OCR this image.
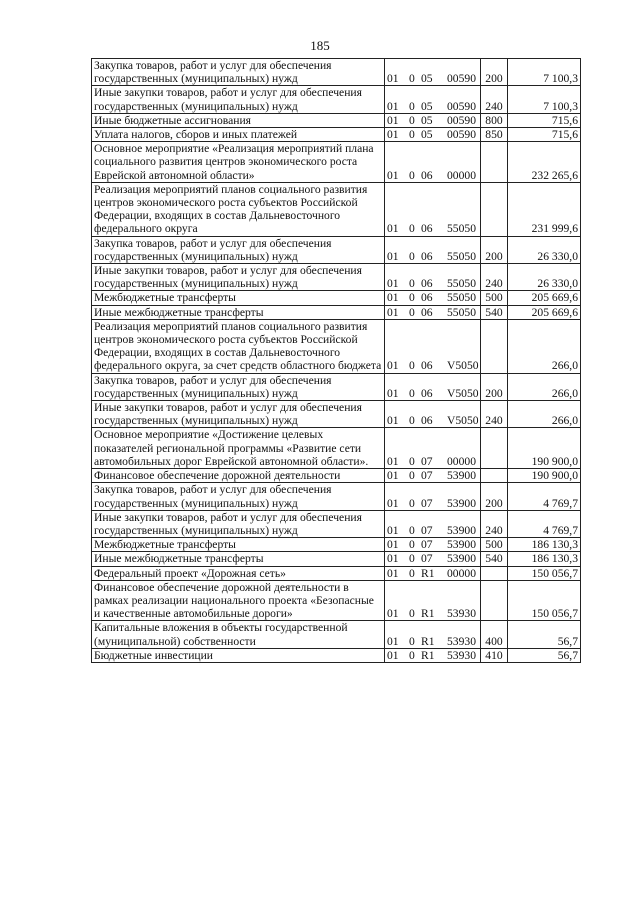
185
Закупка товаров, работ и услуг для обеспечения государственных (муниципальных) нужд	01 0 05 00590	200	7 100,3
Иные закупки товаров, работ и услуг для обеспечения государственных (муниципальных) нужд	01 0 05 00590	240	7 100,3
Иные бюджетные ассигнования	01 0 05 00590	800	715,6
Уплата налогов, сборов и иных платежей	01 0 05 00590	850	715,6
Основное мероприятие «Реализация мероприятий плана социального развития центров экономического роста Еврейской автономной области»	01 0 06 00000		232 265,6
Реализация мероприятий планов социального развития центров экономического роста субъектов Российской Федерации, входящих в состав Дальневосточного федерального округа	01 0 06 55050		231 999,6
Закупка товаров, работ и услуг для обеспечения государственных (муниципальных) нужд	01 0 06 55050	200	26 330,0
Иные закупки товаров, работ и услуг для обеспечения государственных (муниципальных) нужд	01 0 06 55050	240	26 330,0
Межбюджетные трансферты	01 0 06 55050	500	205 669,6
Иные межбюджетные трансферты	01 0 06 55050	540	205 669,6
Реализация мероприятий планов социального развития центров экономического роста субъектов Российской Федерации, входящих в состав Дальневосточного федерального округа, за счет средств областного бюджета	01 0 06 V5050		266,0
Закупка товаров, работ и услуг для обеспечения государственных (муниципальных) нужд	01 0 06 V5050	200	266,0
Иные закупки товаров, работ и услуг для обеспечения государственных (муниципальных) нужд	01 0 06 V5050	240	266,0
Основное мероприятие «Достижение целевых показателей региональной программы «Развитие сети автомобильных дорог Еврейской автономной области».	01 0 07 00000		190 900,0
Финансовое обеспечение дорожной деятельности	01 0 07 53900		190 900,0
Закупка товаров, работ и услуг для обеспечения государственных (муниципальных) нужд	01 0 07 53900	200	4 769,7
Иные закупки товаров, работ и услуг для обеспечения государственных (муниципальных) нужд	01 0 07 53900	240	4 769,7
Межбюджетные трансферты	01 0 07 53900	500	186 130,3
Иные межбюджетные трансферты	01 0 07 53900	540	186 130,3
Федеральный проект «Дорожная сеть»	01 0 R1 00000		150 056,7
Финансовое обеспечение дорожной деятельности в рамках реализации национального проекта «Безопасные и качественные автомобильные дороги»	01 0 R1 53930		150 056,7
Капитальные вложения в объекты государственной (муниципальной) собственности	01 0 R1 53930	400	56,7
Бюджетные инвестиции	01 0 R1 53930	410	56,7
